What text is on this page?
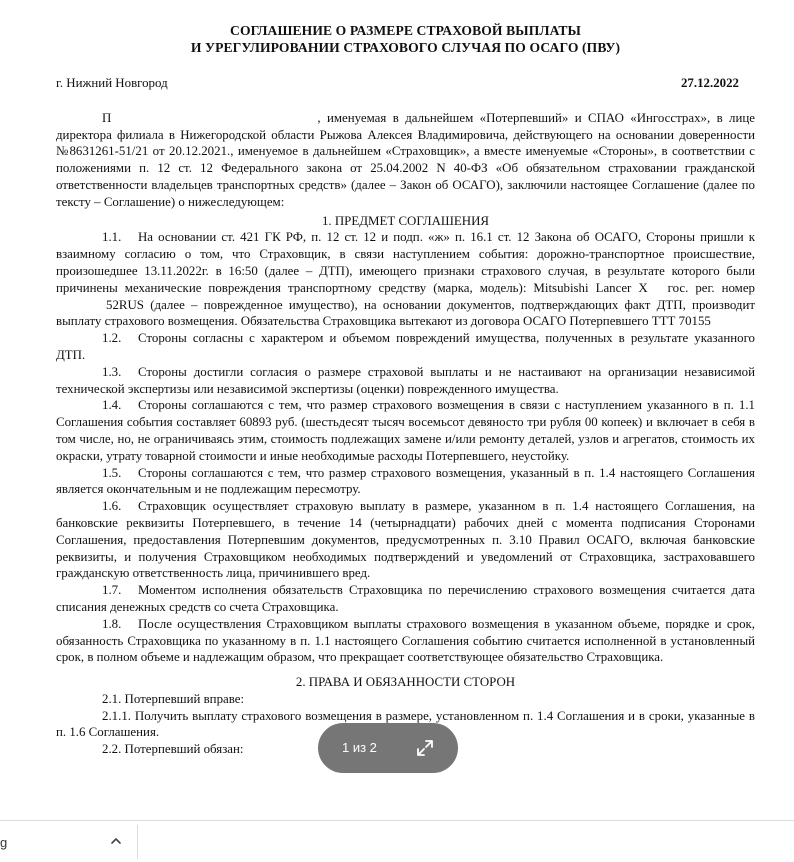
СОГЛАШЕНИЕ О РАЗМЕРЕ СТРАХОВОЙ ВЫПЛАТЫ
И УРЕГУЛИРОВАНИИ СТРАХОВОГО СЛУЧАЯ ПО ОСАГО (ПВУ)
г. Нижний Новгород	27.12.2022

П	, именуемая в дальнейшем «Потерпевший» и СПАО «Ингосстрах», в лице директора филиала в Нижегородской области Рыжова Алексея Владимировича, действующего на основании доверенности №8631261-51/21 от 20.12.2021., именуемое в дальнейшем «Страховщик», а вместе именуемые «Стороны», в соответствии с положениями п. 12 ст. 12 Федерального закона от 25.04.2002 N 40-ФЗ «Об обязательном страховании гражданской ответственности владельцев транспортных средств» (далее – Закон об ОСАГО), заключили настоящее Соглашение (далее по тексту – Соглашение) о нижеследующем:

1. ПРЕДМЕТ СОГЛАШЕНИЯ

1.1. На основании ст. 421 ГК РФ, п. 12 ст. 12 и подп. «ж» п. 16.1 ст. 12 Закона об ОСАГО, Стороны пришли к взаимному согласию о том, что Страховщик, в связи наступлением события: дорожно-транспортное происшествие, произошедшее 13.11.2022г. в 16:50 (далее – ДТП), имеющего признаки страхового случая, в результате которого были причинены механические повреждения транспортному средству (марка, модель): Mitsubishi Lancer X гос. рег. номер52RUS (далее – поврежденное имущество), на основании документов, подтверждающих факт ДТП, производит выплату страхового возмещения. Обязательства Страховщика вытекают из договора ОСАГО Потерпевшего ТТТ 70155

1.2. Стороны согласны с характером и объемом повреждений имущества, полученных в результате указанного ДТП.

1.3. Стороны достигли согласия о размере страховой выплаты и не настаивают на организации независимой технической экспертизы или независимой экспертизы (оценки) поврежденного имущества.

1.4. Стороны соглашаются с тем, что размер страхового возмещения в связи с наступлением указанного в п. 1.1 Соглашения события составляет 60893 руб. (шестьдесят тысяч восемьсот девяносто три рубля 00 копеек) и включает в себя в том числе, но, не ограничиваясь этим, стоимость подлежащих замене и/или ремонту деталей, узлов и агрегатов, стоимость их окраски, утрату товарной стоимости и иные необходимые расходы Потерпевшего, неустойку.

1.5. Стороны соглашаются с тем, что размер страхового возмещения, указанный в п. 1.4 настоящего Соглашения является окончательным и не подлежащим пересмотру.

1.6. Страховщик осуществляет страховую выплату в размере, указанном в п. 1.4 настоящего Соглашения, на банковские реквизиты Потерпевшего, в течение 14 (четырнадцати) рабочих дней с момента подписания Сторонами Соглашения, предоставления Потерпевшим документов, предусмотренных п. 3.10 Правил ОСАГО, включая банковские реквизиты, и получения Страховщиком необходимых подтверждений и уведомлений от Страховщика, застраховавшего гражданскую ответственность лица, причинившего вред.

1.7. Моментом исполнения обязательств Страховщика по перечислению страхового возмещения считается дата списания денежных средств со счета Страховщика.

1.8. После осуществления Страховщиком выплаты страхового возмещения в указанном объеме, порядке и срок, обязанность Страховщика по указанному в п. 1.1 настоящего Соглашения событию считается исполненной в установленный срок, в полном объеме и надлежащим образом, что прекращает соответствующее обязательство Страховщика.

2. ПРАВА И ОБЯЗАННОСТИ СТОРОН

2.1. Потерпевший вправе:

2.1.1. Получить выплату страхового возмещения в размере, установленном п. 1.4 Соглашения и в сроки, указанные в п. 1.6 Соглашения.

2.2. Потерпевший обязан:	1 из 2
g
